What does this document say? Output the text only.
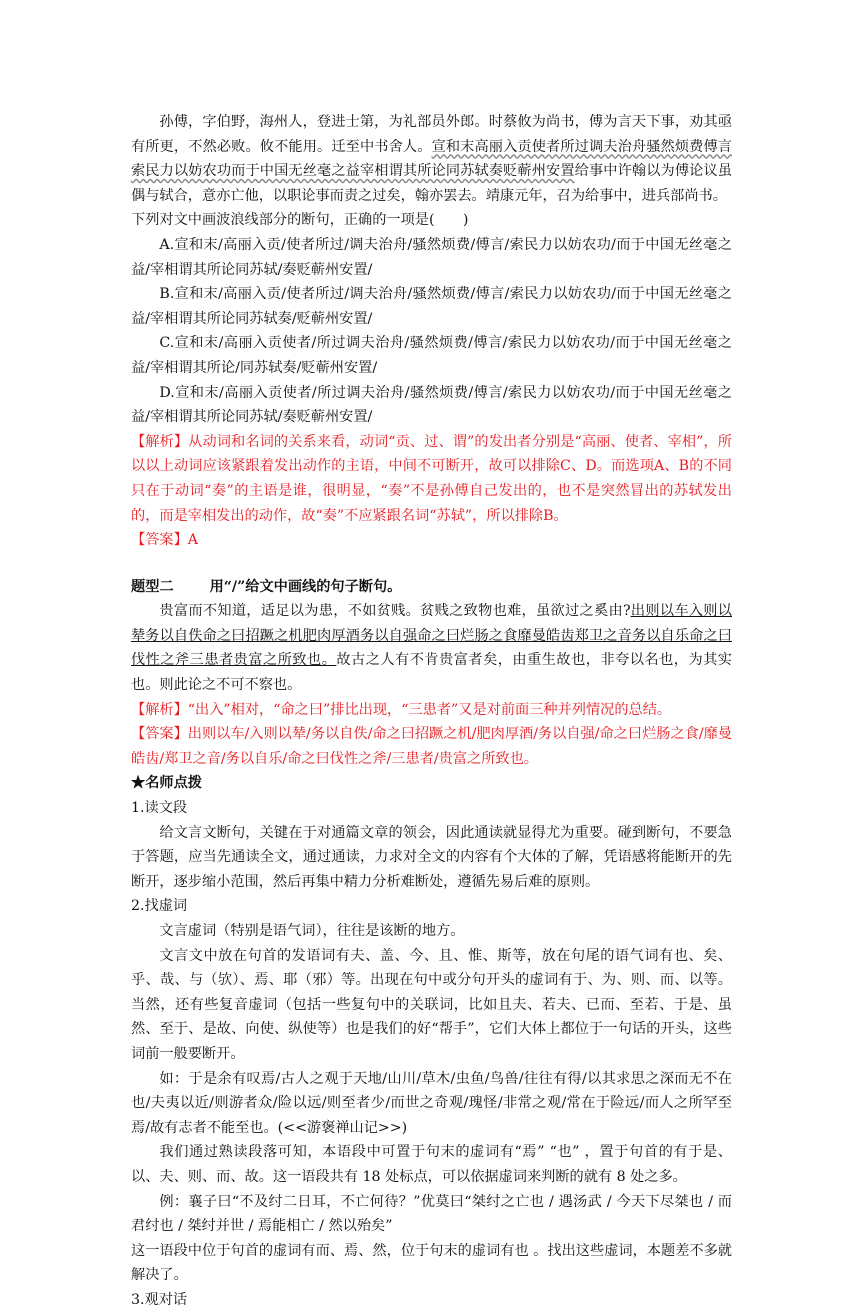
孙傅，字伯野，海州人，登进士第，为礼部员外郎。时蔡攸为尚书，傅为言天下事，劝其亟有所更，不然必败。攸不能用。迁至中书舍人。宣和末高丽入贡使者所过调夫治舟骚然烦费傅言索民力以妨农功而于中国无丝毫之益宰相谓其所论同苏轼奏贬蕲州安置给事中许翰以为傅论议虽偶与轼合，意亦亡他，以职论事而责之过矣，翰亦罢去。靖康元年，召为给事中，进兵部尚书。

下列对文中画波浪线部分的断句，正确的一项是(　　)

A.宣和末/高丽入贡/使者所过/调夫治舟/骚然烦费/傅言/索民力以妨农功/而于中国无丝毫之益/宰相谓其所论同苏轼/奏贬蕲州安置/

B.宣和末/高丽入贡/使者所过/调夫治舟/骚然烦费/傅言/索民力以妨农功/而于中国无丝毫之益/宰相谓其所论同苏轼奏/贬蕲州安置/

C.宣和末/高丽入贡使者/所过调夫治舟/骚然烦费/傅言/索民力以妨农功/而于中国无丝毫之益/宰相谓其所论/同苏轼奏/贬蕲州安置/

D.宣和末/高丽入贡使者/所过调夫治舟/骚然烦费/傅言/索民力以妨农功/而于中国无丝毫之益/宰相谓其所论同苏轼/奏贬蕲州安置/

【解析】从动词和名词的关系来看，动词“贡、过、谓”的发出者分别是“高丽、使者、宰相”，所以以上动词应该紧跟着发出动作的主语，中间不可断开，故可以排除C、D。而选项A、B的不同只在于动词“奏”的主语是谁，很明显，“奏”不是孙傅自己发出的，也不是突然冒出的苏轼发出的，而是宰相发出的动作，故“奏”不应紧跟名词“苏轼”，所以排除B。

【答案】A

题型二	用“/”给文中画线的句子断句。

贵富而不知道，适足以为患，不如贫贱。贫贱之致物也难，虽欲过之奚由?出则以车入则以辇务以自佚命之曰招蹶之机肥肉厚酒务以自强命之曰烂肠之食靡曼皓齿郑卫之音务以自乐命之曰伐性之斧三患者贵富之所致也。故古之人有不肯贵富者矣，由重生故也，非夸以名也，为其实也。则此论之不可不察也。

【解析】“出入”相对，“命之曰”排比出现，“三患者”又是对前面三种并列情况的总结。

【答案】出则以车/入则以辇/务以自佚/命之曰招蹶之机/肥肉厚酒/务以自强/命之曰烂肠之食/靡曼皓齿/郑卫之音/务以自乐/命之曰伐性之斧/三患者/贵富之所致也。

★名师点拨

1.读文段

给文言文断句，关键在于对通篇文章的领会，因此通读就显得尤为重要。碰到断句，不要急于答题，应当先通读全文，通过通读，力求对全文的内容有个大体的了解，凭语感将能断开的先断开，逐步缩小范围，然后再集中精力分析难断处，遵循先易后难的原则。

2.找虚词

文言虚词（特别是语气词），往往是该断的地方。

文言文中放在句首的发语词有夫、盖、今、且、惟、斯等，放在句尾的语气词有也、矣、乎、哉、与（欤）、焉、耶（邪）等。出现在句中或分句开头的虚词有于、为、则、而、以等。当然，还有些复音虚词（包括一些复句中的关联词，比如且夫、若夫、已而、至若、于是、虽然、至于、是故、向使、纵使等）也是我们的好“帮手”，它们大体上都位于一句话的开头，这些词前一般要断开。

如：于是余有叹焉/古人之观于天地/山川/草木/虫鱼/鸟兽/往往有得/以其求思之深而无不在也/夫夷以近/则游者众/险以远/则至者少/而世之奇观/瑰怪/非常之观/常在于险远/而人之所罕至焉/故有志者不能至也。(<<游褒禅山记>>)

我们通过熟读段落可知，本语段中可置于句末的虚词有“焉” “也” ，置于句首的有于是、以、夫、则、而、故。这一语段共有 18 处标点，可以依据虚词来判断的就有 8 处之多。

例：襄子曰“不及纣二日耳，不亡何待？”优莫曰“桀纣之亡也 / 遇汤武 / 今天下尽桀也 / 而君纣也 / 桀纣并世 / 焉能相亡 / 然以殆矣”

这一语段中位于句首的虚词有而、焉、然，位于句末的虚词有也 。找出这些虚词，本题差不多就解决了。

3.观对话
